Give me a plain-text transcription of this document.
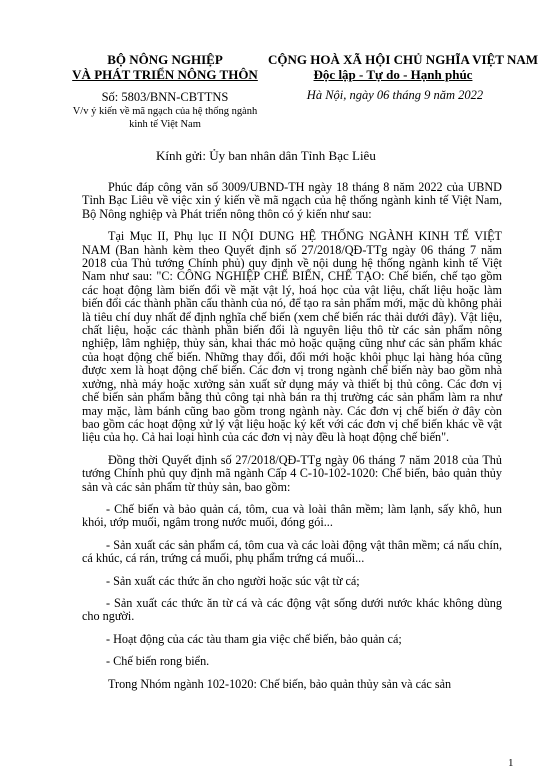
BỘ NÔNG NGHIỆP
VÀ PHÁT TRIỂN NÔNG THÔN
CỘNG HOÀ XÃ HỘI CHỦ NGHĨA VIỆT NAM
Độc lập - Tự do - Hạnh phúc
Số: 5803/BNN-CBTTNS
V/v ý kiến về mã ngạch của hệ thống ngành kinh tế Việt Nam
Hà Nội, ngày 06 tháng 9 năm 2022
Kính gửi: Ủy ban nhân dân Tỉnh Bạc Liêu

Phúc đáp công văn số 3009/UBND-TH ngày 18 tháng 8 năm 2022 của UBND Tỉnh Bạc Liêu về việc xin ý kiến về mã ngạch của hệ thống ngành kinh tế Việt Nam, Bộ Nông nghiệp và Phát triển nông thôn có ý kiến như sau:

Tại Mục II, Phụ lục II NỘI DUNG HỆ THỐNG NGÀNH KINH TẾ VIỆT NAM (Ban hành kèm theo Quyết định số 27/2018/QĐ-TTg ngày 06 tháng 7 năm 2018 của Thủ tướng Chính phủ) quy định về nội dung hệ thống ngành kinh tế Việt Nam như sau: "C: CÔNG NGHIỆP CHẾ BIẾN, CHẾ TẠO: Chế biến, chế tạo gồm các hoạt động làm biến đổi về mặt vật lý, hoá học của vật liệu, chất liệu hoặc làm biến đổi các thành phần cấu thành của nó, để tạo ra sản phẩm mới, mặc dù không phải là tiêu chí duy nhất để định nghĩa chế biến (xem chế biến rác thải dưới đây). Vật liệu, chất liệu, hoặc các thành phần biến đổi là nguyên liệu thô từ các sản phẩm nông nghiệp, lâm nghiệp, thủy sản, khai thác mỏ hoặc quặng cũng như các sản phẩm khác của hoạt động chế biến. Những thay đổi, đổi mới hoặc khôi phục lại hàng hóa cũng được xem là hoạt động chế biến. Các đơn vị trong ngành chế biến này bao gồm nhà xưởng, nhà máy hoặc xưởng sản xuất sử dụng máy và thiết bị thủ công. Các đơn vị chế biến sản phẩm bằng thủ công tại nhà bán ra thị trường các sản phẩm làm ra như may mặc, làm bánh cũng bao gồm trong ngành này. Các đơn vị chế biến ở đây còn bao gồm các hoạt động xử lý vật liệu hoặc ký kết với các đơn vị chế biến khác về vật liệu của họ. Cả hai loại hình của các đơn vị này đều là hoạt động chế biến".

Đồng thời Quyết định số 27/2018/QĐ-TTg ngày 06 tháng 7 năm 2018 của Thủ tướng Chính phủ quy định mã ngành Cấp 4 C-10-102-1020: Chế biến, bảo quản thủy sản và các sản phẩm từ thủy sản, bao gồm:

- Chế biến và bảo quản cá, tôm, cua và loài thân mềm; làm lạnh, sấy khô, hun khói, ướp muối, ngâm trong nước muối, đóng gói...

- Sản xuất các sản phẩm cá, tôm cua và các loài động vật thân mềm; cá nấu chín, cá khúc, cá rán, trứng cá muối, phụ phẩm trứng cá muối...

- Sản xuất các thức ăn cho người hoặc súc vật từ cá;

- Sản xuất các thức ăn từ cá và các động vật sống dưới nước khác không dùng cho người.

- Hoạt động của các tàu tham gia việc chế biến, bảo quản cá;

- Chế biến rong biển.

Trong Nhóm ngành 102-1020: Chế biến, bảo quản thủy sản và các sản

1
